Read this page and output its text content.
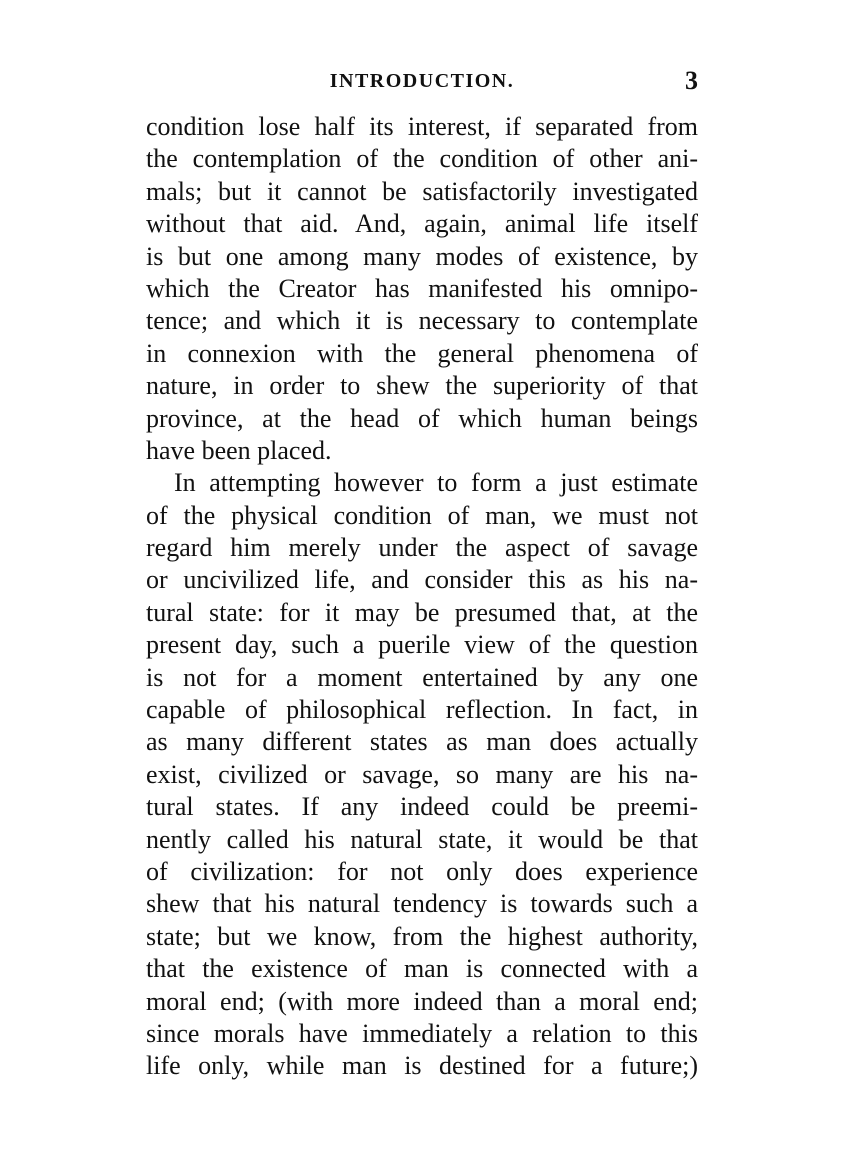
INTRODUCTION.	3
condition lose half its interest, if separated from
the contemplation of the condition of other ani-
mals; but it cannot be satisfactorily investigated
without that aid. And, again, animal life itself
is but one among many modes of existence, by
which the Creator has manifested his omnipo-
tence; and which it is necessary to contemplate
in connexion with the general phenomena of
nature, in order to shew the superiority of that
province, at the head of which human beings
have been placed.
In attempting however to form a just estimate
of the physical condition of man, we must not
regard him merely under the aspect of savage
or uncivilized life, and consider this as his na-
tural state: for it may be presumed that, at the
present day, such a puerile view of the question
is not for a moment entertained by any one
capable of philosophical reflection. In fact, in
as many different states as man does actually
exist, civilized or savage, so many are his na-
tural states. If any indeed could be preemi-
nently called his natural state, it would be that
of civilization: for not only does experience
shew that his natural tendency is towards such a
state; but we know, from the highest authority,
that the existence of man is connected with a
moral end; (with more indeed than a moral end;
since morals have immediately a relation to this
life only, while man is destined for a future;)
